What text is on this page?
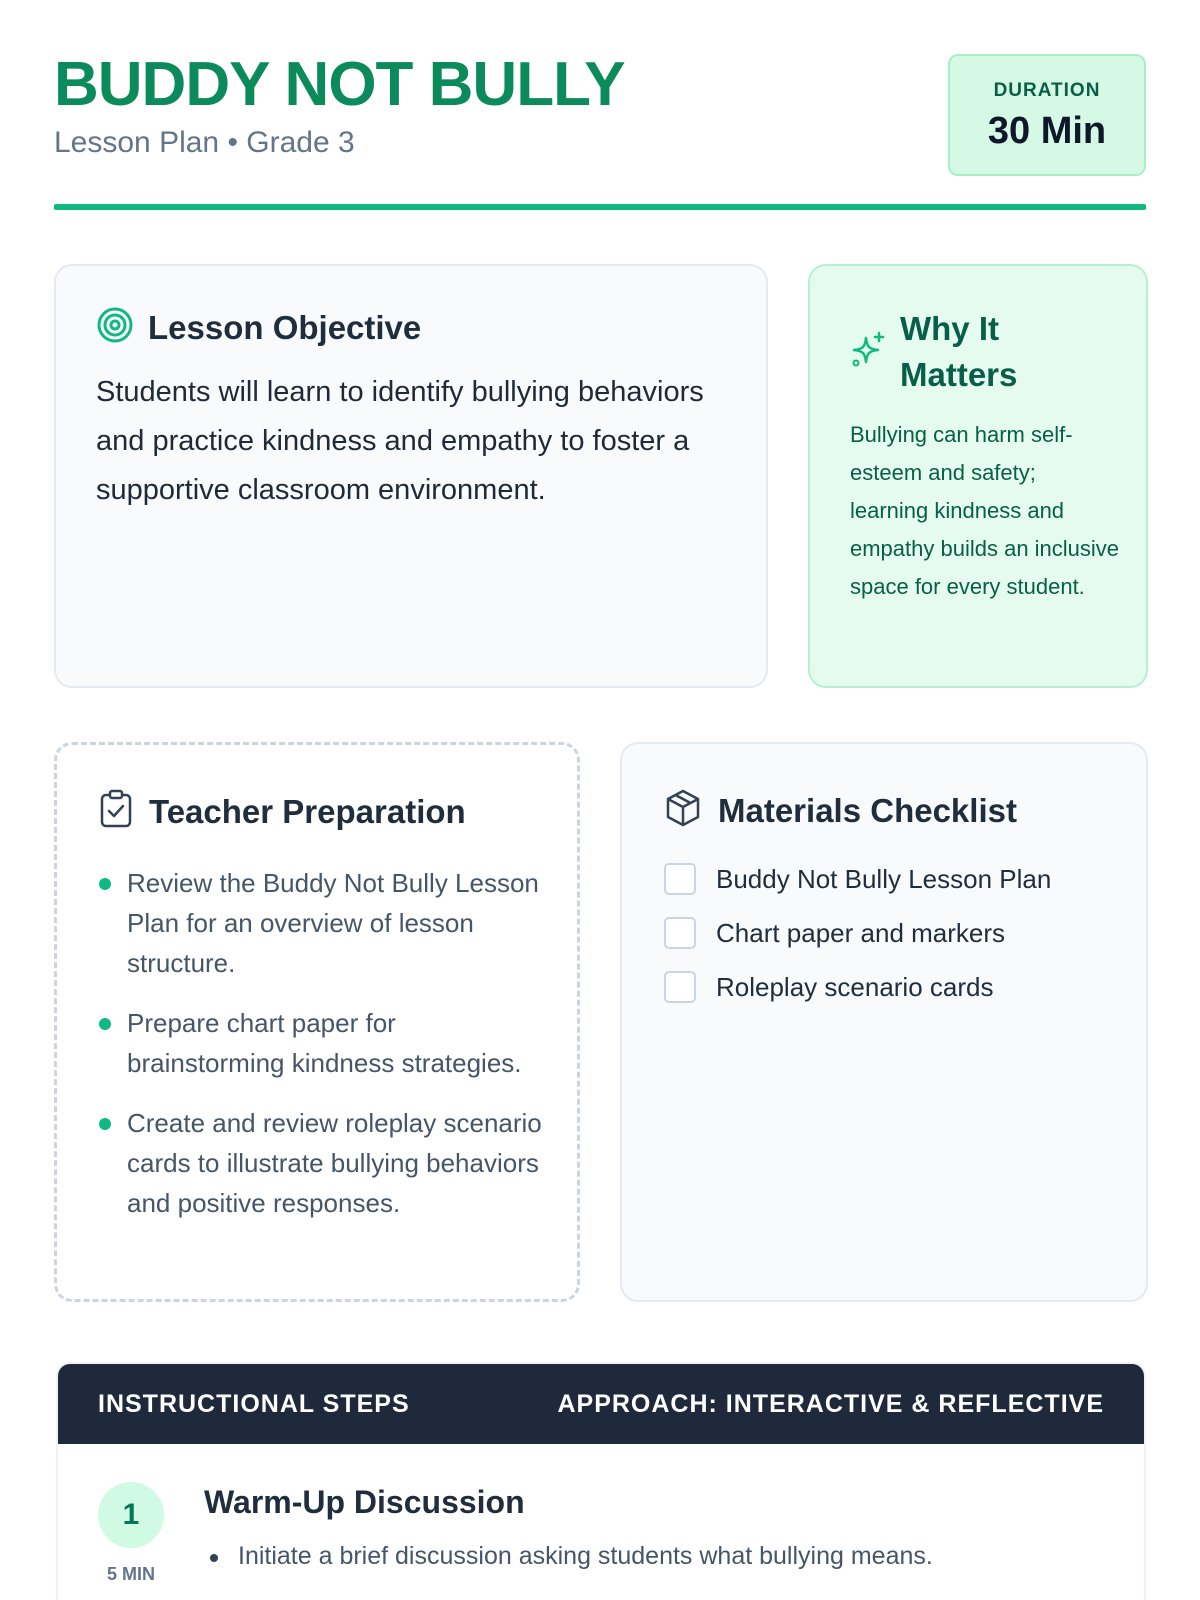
BUDDY NOT BULLY
Lesson Plan • Grade 3
DURATION
30 Min
Lesson Objective

Students will learn to identify bullying behaviors and practice kindness and empathy to foster a supportive classroom environment.

Why It Matters

Bullying can harm self-esteem and safety; learning kindness and empathy builds an inclusive space for every student.

Teacher Preparation
Review the Buddy Not Bully Lesson Plan for an overview of lesson structure.
Prepare chart paper for brainstorming kindness strategies.
Create and review roleplay scenario cards to illustrate bullying behaviors and positive responses.
Materials Checklist
Buddy Not Bully Lesson Plan
Chart paper and markers
Roleplay scenario cards
INSTRUCTIONAL STEPS	APPROACH: INTERACTIVE & REFLECTIVE
1
5 MIN
Warm-Up Discussion
Initiate a brief discussion asking students what bullying means.
